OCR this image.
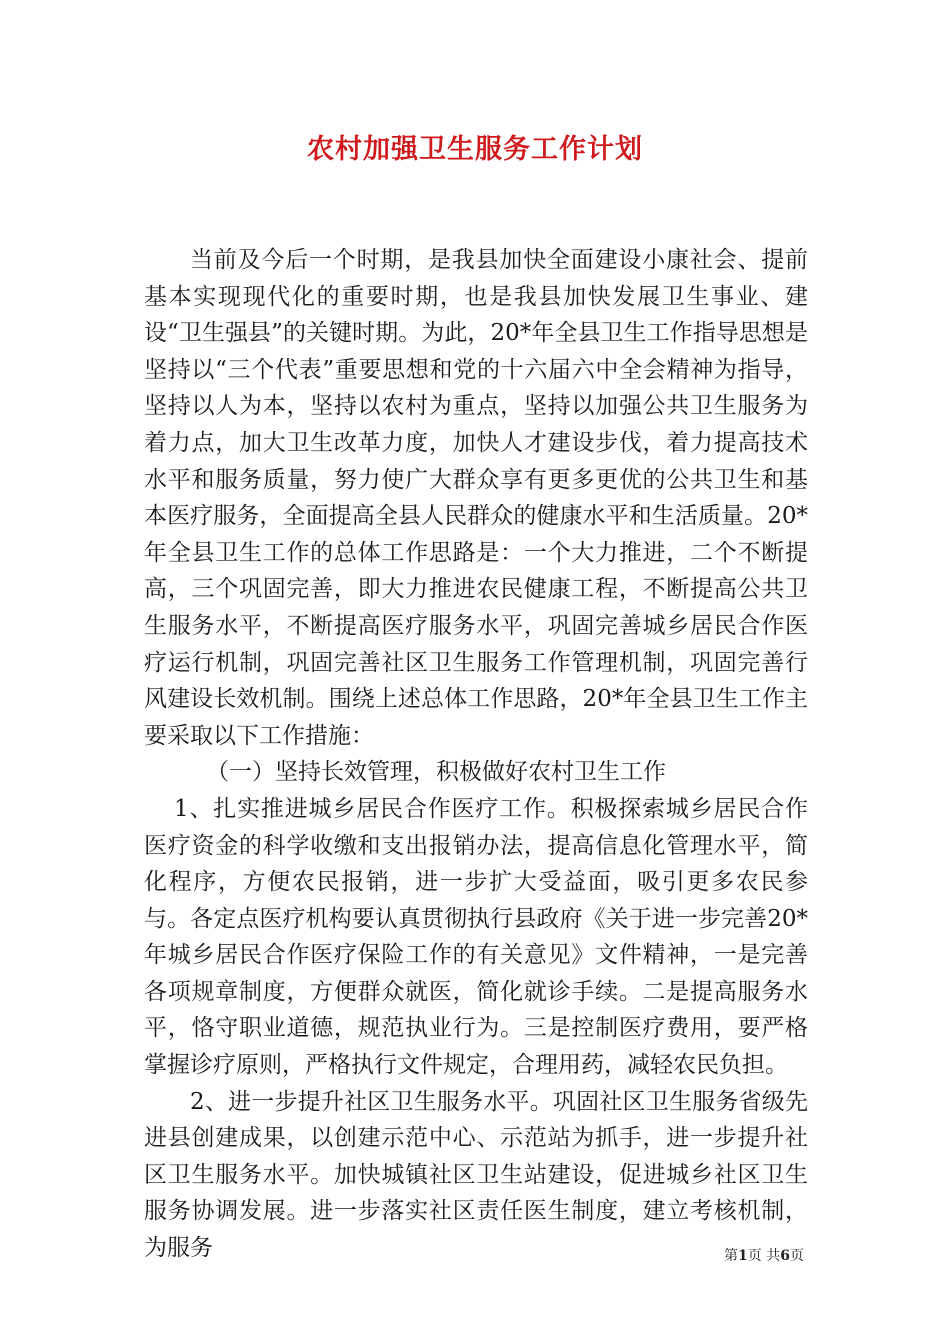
农村加强卫生服务工作计划

当前及今后一个时期，是我县加快全面建设小康社会、提前基本实现现代化的重要时期，也是我县加快发展卫生事业、建设“卫生强县”的关键时期。为此，20*年全县卫生工作指导思想是坚持以“三个代表”重要思想和党的十六届六中全会精神为指导，坚持以人为本，坚持以农村为重点，坚持以加强公共卫生服务为着力点，加大卫生改革力度，加快人才建设步伐，着力提高技术水平和服务质量，努力使广大群众享有更多更优的公共卫生和基本医疗服务，全面提高全县人民群众的健康水平和生活质量。20*年全县卫生工作的总体工作思路是：一个大力推进，二个不断提高，三个巩固完善，即大力推进农民健康工程，不断提高公共卫生服务水平，不断提高医疗服务水平，巩固完善城乡居民合作医疗运行机制，巩固完善社区卫生服务工作管理机制，巩固完善行风建设长效机制。围绕上述总体工作思路，20*年全县卫生工作主要采取以下工作措施：

（一）坚持长效管理，积极做好农村卫生工作

1、扎实推进城乡居民合作医疗工作。积极探索城乡居民合作医疗资金的科学收缴和支出报销办法，提高信息化管理水平，简化程序，方便农民报销，进一步扩大受益面，吸引更多农民参与。各定点医疗机构要认真贯彻执行县政府《关于进一步完善20*年城乡居民合作医疗保险工作的有关意见》文件精神，一是完善各项规章制度，方便群众就医，简化就诊手续。二是提高服务水平，恪守职业道德，规范执业行为。三是控制医疗费用，要严格掌握诊疗原则，严格执行文件规定，合理用药，减轻农民负担。

2、进一步提升社区卫生服务水平。巩固社区卫生服务省级先进县创建成果，以创建示范中心、示范站为抓手，进一步提升社区卫生服务水平。加快城镇社区卫生站建设，促进城乡社区卫生服务协调发展。进一步落实社区责任医生制度，建立考核机制，为服务	第1页 共6页
